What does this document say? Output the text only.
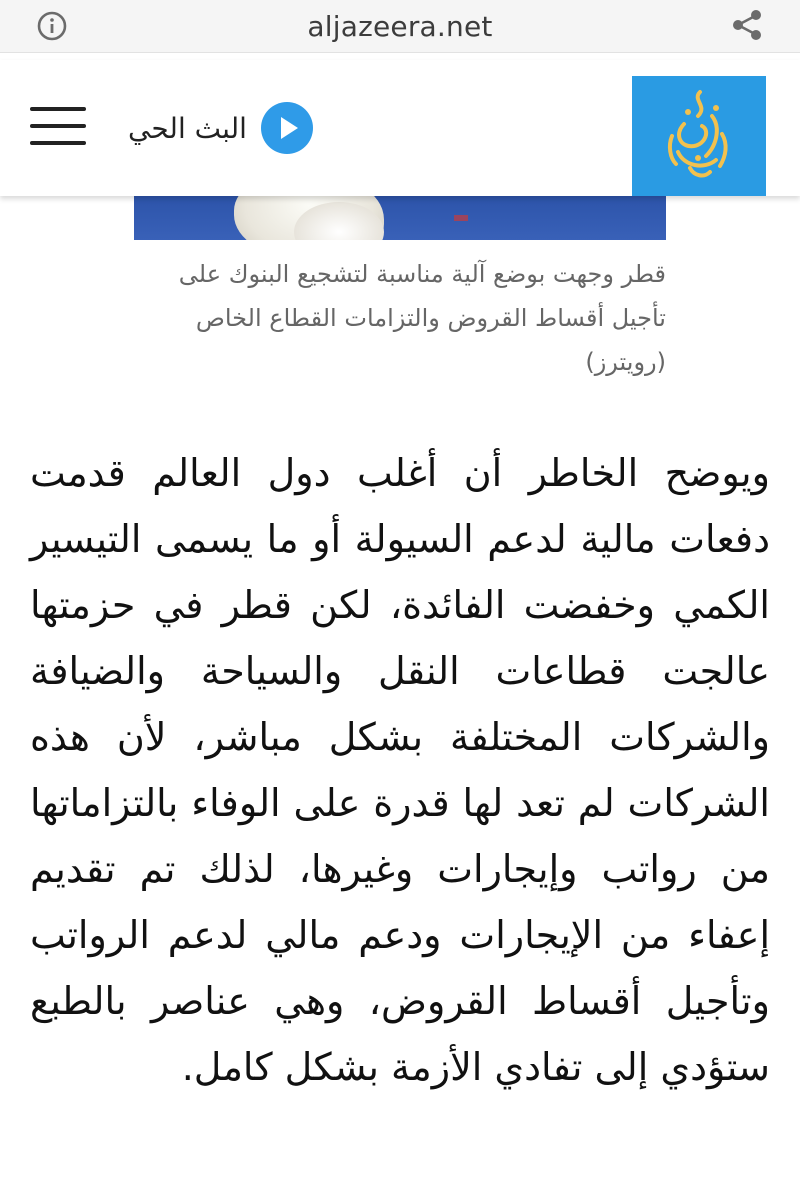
aljazeera.net
البث الحي
قطر وجهت بوضع آلية مناسبة لتشجيع البنوك على تأجيل أقساط القروض والتزامات القطاع الخاص (رويترز)

ويوضح الخاطر أن أغلب دول العالم قدمت دفعات مالية لدعم السيولة أو ما يسمى التيسير الكمي وخفضت الفائدة، لكن قطر في حزمتها عالجت قطاعات النقل والسياحة والضيافة والشركات المختلفة بشكل مباشر، لأن هذه الشركات لم تعد لها قدرة على الوفاء بالتزاماتها من رواتب وإيجارات وغيرها، لذلك تم تقديم إعفاء من الإيجارات ودعم مالي لدعم الرواتب وتأجيل أقساط القروض، وهي عناصر بالطبع ستؤدي إلى تفادي الأزمة بشكل كامل.
